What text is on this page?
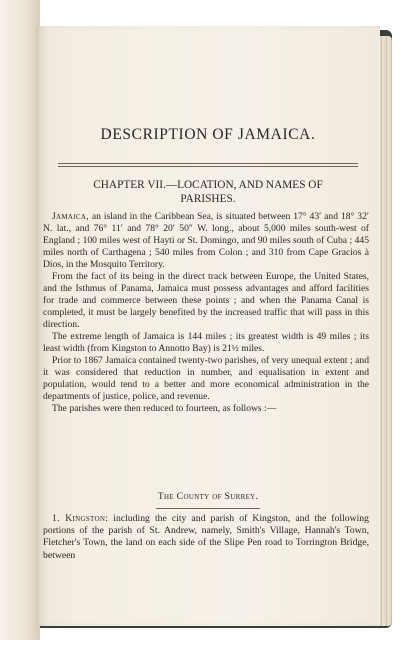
DESCRIPTION OF JAMAICA.
CHAPTER VII.—LOCATION, AND NAMES OF
PARISHES.

Jamaica, an island in the Caribbean Sea, is situated between 17° 43′ and 18° 32′ N. lat., and 76° 11′ and 78° 20′ 50″ W. long., about 5,000 miles south-west of England ; 100 miles west of Hayti or St. Domingo, and 90 miles south of Cuba ; 445 miles north of Carthagena ; 540 miles from Colon ; and 310 from Cape Gracios à Dios, in the Mosquito Territory.

From the fact of its being in the direct track between Europe, the United States, and the Isthmus of Panama, Jamaica must possess advantages and afford facilities for trade and commerce between these points ; and when the Panama Canal is completed, it must be largely benefited by the increased traffic that will pass in this direction.

The extreme length of Jamaica is 144 miles ; its greatest width is 49 miles ; its least width (from Kingston to Annotto Bay) is 21½ miles.

Prior to 1867 Jamaica contained twenty-two parishes, of very unequal extent ; and it was considered that reduction in number, and equalisation in extent and population, would tend to a better and more economical administration in the departments of justice, police, and revenue.

The parishes were then reduced to fourteen, as follows :—

The County of Surrey.

1. Kingston: including the city and parish of Kingston, and the following portions of the parish of St. Andrew, namely, Smith's Village, Hannah's Town, Fletcher's Town, the land on each side of the Slipe Pen road to Torrington Bridge, between
